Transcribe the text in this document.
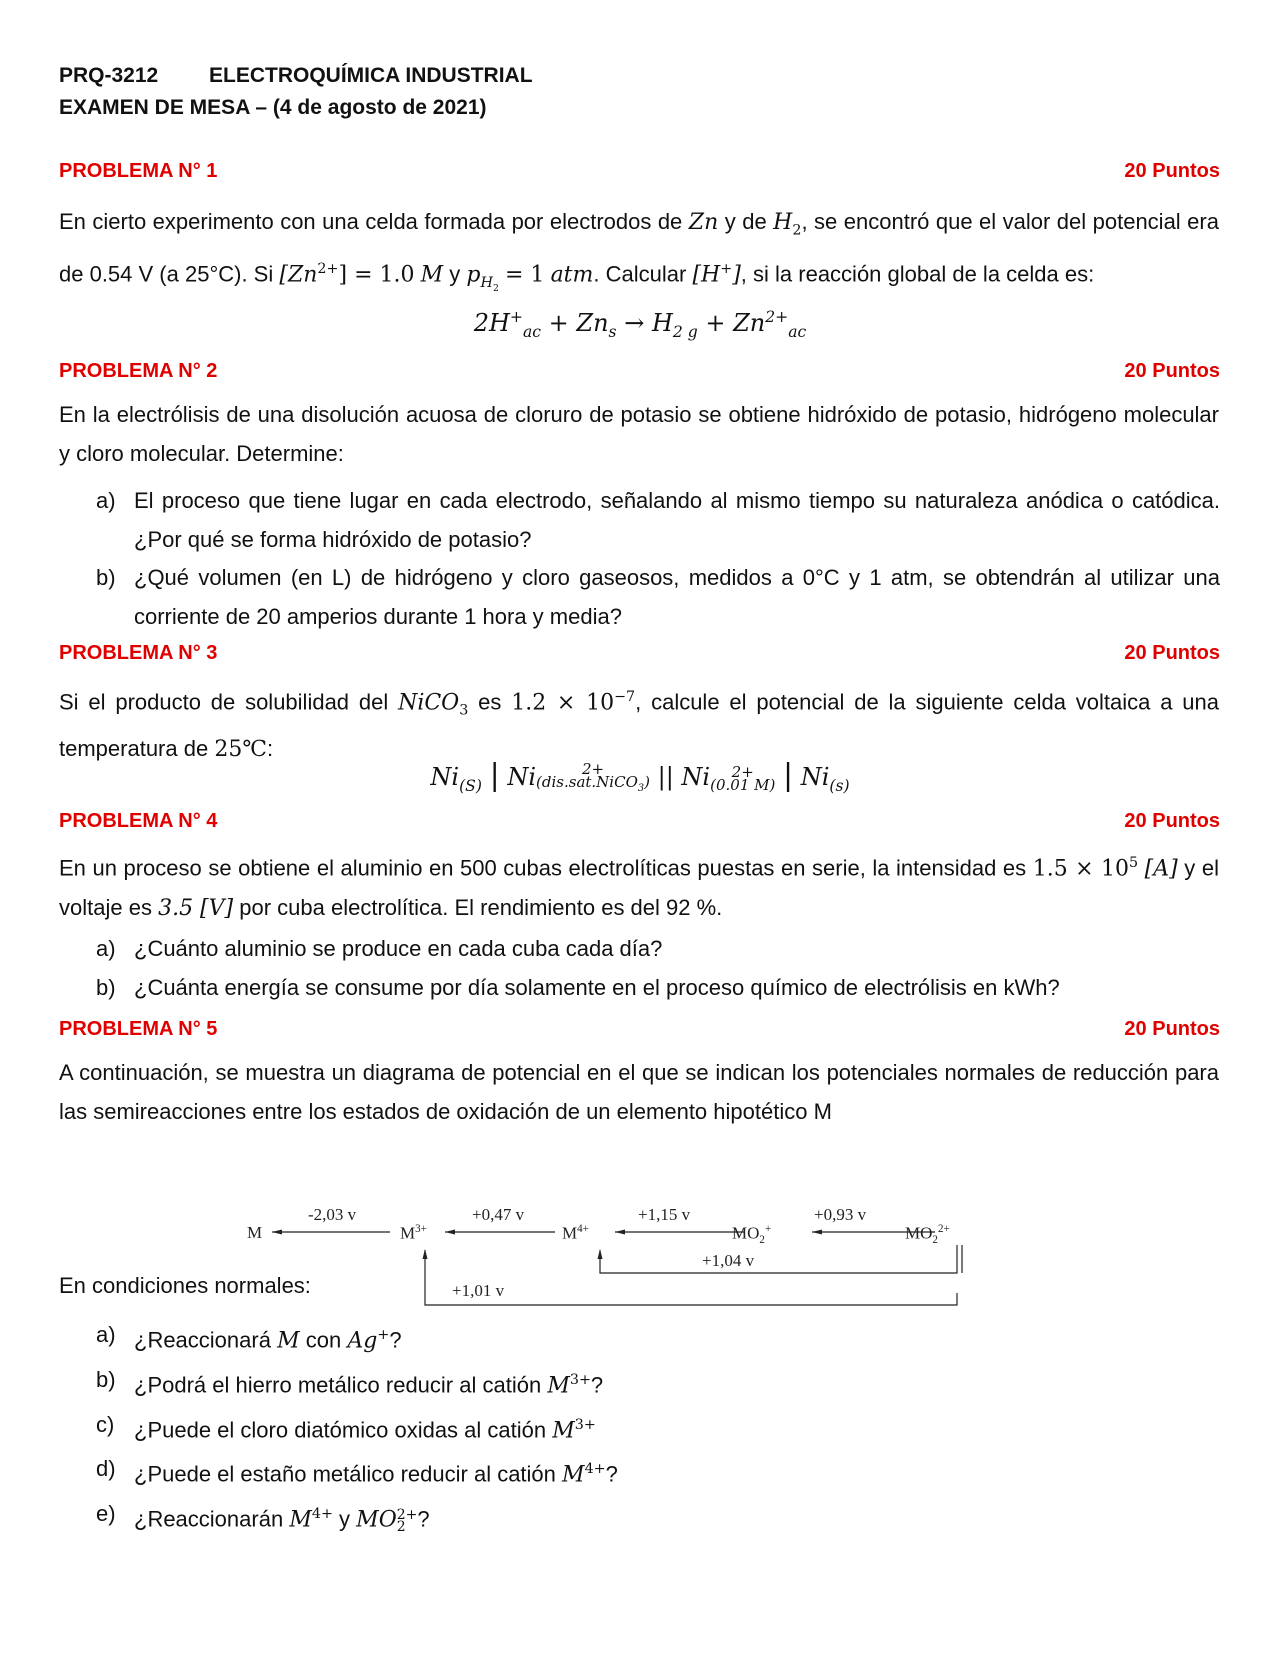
PRQ-3212 ELECTROQUÍMICA INDUSTRIAL
EXAMEN DE MESA – (4 de agosto de 2021)
PROBLEMA N° 1	20 Puntos
En cierto experimento con una celda formada por electrodos de Zn y de $H_2$, se encontró que el valor del potencial era de 0.54 V (a 25°C). Si $[Zn^{2+}] = 1.0$ M y $p_{H_2} = 1$ atm. Calcular [H+], si la reacción global de la celda es:
$2H^+_{ac} + Zn_s \to H_{2 g} + Zn^{2+}_{ac}$
PROBLEMA N° 2	20 Puntos
En la electrólisis de una disolución acuosa de cloruro de potasio se obtiene hidróxido de potasio, hidrógeno molecular y cloro molecular. Determine:
a) El proceso que tiene lugar en cada electrodo, señalando al mismo tiempo su naturaleza anódica o catódica. ¿Por qué se forma hidróxido de potasio?
b) ¿Qué volumen (en L) de hidrógeno y cloro gaseosos, medidos a 0°C y 1 atm, se obtendrán al utilizar una corriente de 20 amperios durante 1 hora y media?
PROBLEMA N° 3	20 Puntos
Si el producto de solubilidad del NiCO$_3$ es $1.2 \times 10^{-7}$, calcule el potencial de la siguiente celda voltaica a una temperatura de 25℃:
$Ni_{(S)}$ | Ni	2+
(dis.sat.NiCO$_3$) || Ni	2+
(0.01 M) | $Ni_{(s)}$
PROBLEMA N° 4	20 Puntos
En un proceso se obtiene el aluminio en 500 cubas electrolíticas puestas en serie, la intensidad es $1.5 \times 10^5$ [A] y el voltaje es 3.5 [V] por cuba electrolítica. El rendimiento es del 92 %.
a) ¿Cuánto aluminio se produce en cada cuba cada día?
b) ¿Cuánta energía se consume por día solamente en el proceso químico de electrólisis en kWh?
PROBLEMA N° 5	20 Puntos
A continuación, se muestra un diagrama de potencial en el que se indican los potenciales normales de reducción para las semireacciones entre los estados de oxidación de un elemento hipotético M
M	$M^{3+}$	$M^{4+}$	$MO_2^+$	$MO_2^{2+}$
-2,03 v	+0,47 v	+1,15 v	+0,93 v
+1,04 v
+1,01 v
En condiciones normales:
a) ¿Reaccionará M con Ag+?
b) ¿Podrá el hierro metálico reducir al catión $M^{3+}$?
c) ¿Puede el cloro diatómico oxidas al catión $M^{3+}$
d) ¿Puede el estaño metálico reducir al catión $M^{4+}$?
e) ¿Reaccionarán $M^{4+}$ y MO 2+
2 ?
